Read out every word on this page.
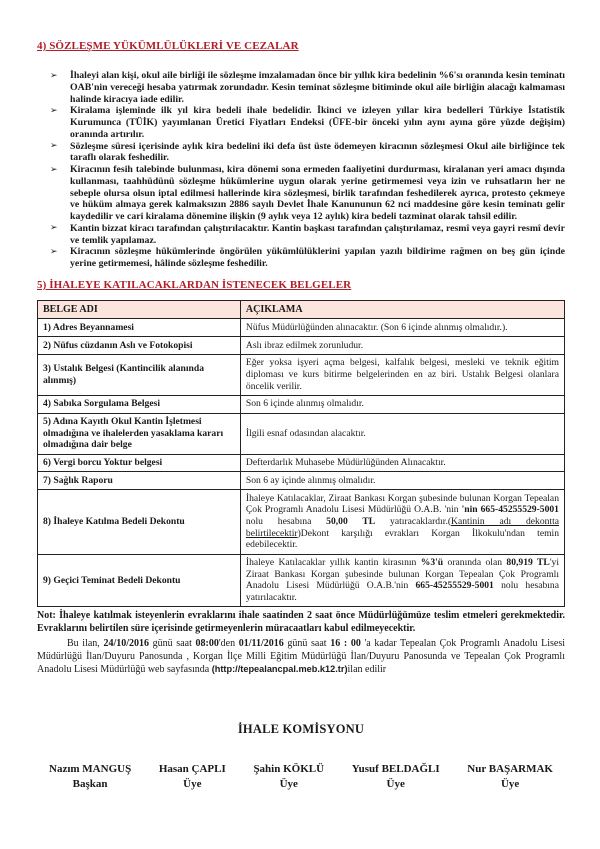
4) SÖZLEŞME YÜKÜMLÜLÜKLERİ VE CEZALAR
➢	İhaleyi alan kişi, okul aile birliği ile sözleşme imzalamadan önce bir yıllık kira bedelinin %6'sı oranında kesin teminatı OAB'nin vereceği hesaba yatırmak zorundadır. Kesin teminat sözleşme bitiminde okul aile birliğin alacağı kalmaması halinde kiracıya iade edilir.
➢	Kiralama işleminde ilk yıl kira bedeli ihale bedelidir. İkinci ve izleyen yıllar kira bedelleri Türkiye İstatistik Kurumunca (TÜİK) yayımlanan Üretici Fiyatları Endeksi (ÜFE-bir önceki yılın aynı ayına göre yüzde değişim) oranında artırılır.
➢	Sözleşme süresi içerisinde aylık kira bedelini iki defa üst üste ödemeyen kiracının sözleşmesi Okul aile birliğince tek taraflı olarak feshedilir.
➢	Kiracının fesih talebinde bulunması, kira dönemi sona ermeden faaliyetini durdurması, kiralanan yeri amacı dışında kullanması, taahhüdünü sözleşme hükümlerine uygun olarak yerine getirmemesi veya izin ve ruhsatların her ne sebeple olursa olsun iptal edilmesi hallerinde kira sözleşmesi, birlik tarafından feshedilerek ayrıca, protesto çekmeye ve hüküm almaya gerek kalmaksızın 2886 sayılı Devlet İhale Kanununun 62 nci maddesine göre kesin teminatı gelir kaydedilir ve cari kiralama dönemine ilişkin (9 aylık veya 12 aylık) kira bedeli tazminat olarak tahsil edilir.
➢	Kantin bizzat kiracı tarafından çalıştırılacaktır. Kantin başkası tarafından çalıştırılamaz, resmî veya gayri resmî devir ve temlik yapılamaz.
➢	Kiracının sözleşme hükümlerinde öngörülen yükümlülüklerini yapılan yazılı bildirime rağmen on beş gün içinde yerine getirmemesi, hâlinde sözleşme feshedilir.
5) İHALEYE KATILACAKLARDAN İSTENECEK BELGELER
BELGE ADI	AÇIKLAMA
1) Adres Beyannamesi	Nüfus Müdürlüğünden alınacaktır. (Son 6 içinde alınmış olmalıdır.).
2) Nüfus cüzdanın Aslı ve Fotokopisi	Aslı ibraz edilmek zorunludur.
3) Ustalık Belgesi (Kantincilik alanında alınmış)	Eğer yoksa işyeri açma belgesi, kalfalık belgesi, mesleki ve teknik eğitim diploması ve kurs bitirme belgelerinden en az biri. Ustalık Belgesi olanlara öncelik verilir.
4) Sabıka Sorgulama Belgesi	Son 6 içinde alınmış olmalıdır.
5) Adına Kayıtlı Okul Kantin İşletmesi olmadığına ve ihalelerden yasaklama kararı olmadığına dair belge	İlgili esnaf odasından alacaktır.
6) Vergi borcu Yoktur belgesi	Defterdarlık Muhasebe Müdürlüğünden Alınacaktır.
7) Sağlık Raporu	Son 6 ay içinde alınmış olmalıdır.
8) İhaleye Katılma Bedeli Dekontu	İhaleye Katılacaklar, Ziraat Bankası Korgan şubesinde bulunan Korgan Tepealan Çok Programlı Anadolu Lisesi Müdürlüğü O.A.B. 'nin 'nin 665-45255529-5001 nolu hesabına 50,00 TL yatıracaklardır.(Kantinin adı dekontta belirtilecektir)Dekont karşılığı evrakları Korgan İlkokulu'ndan temin edebilecektir.
9) Geçici Teminat Bedeli Dekontu	İhaleye Katılacaklar yıllık kantin kirasının %3'ü oranında olan 80,919 TL'yi Ziraat Bankası Korgan şubesinde bulunan Korgan Tepealan Çok Programlı Anadolu Lisesi Müdürlüğü O.A.B.'nin 665-45255529-5001 nolu hesabına yatırılacaktır.

Not: İhaleye katılmak isteyenlerin evraklarını ihale saatinden 2 saat önce Müdürlüğümüze teslim etmeleri gerekmektedir. Evraklarını belirtilen süre içerisinde getirmeyenlerin müracaatları kabul edilmeyecektir.

Bu ilan, 24/10/2016 günü saat 08:00'den 01/11/2016 günü saat 16 : 00 'a kadar Tepealan Çok Programlı Anadolu Lisesi Müdürlüğü İlan/Duyuru Panosunda , Korgan İlçe Milli Eğitim Müdürlüğü İlan/Duyuru Panosunda ve Tepealan Çok Programlı Anadolu Lisesi Müdürlüğü web sayfasında (http://tepealancpal.meb.k12.tr)ilan edilir

İHALE KOMİSYONU
Nazım MANGUŞ
Başkan
Hasan ÇAPLI
Üye
Şahin KÖKLÜ
Üye
Yusuf BELDAĞLI
Üye
Nur BAŞARMAK
Üye
